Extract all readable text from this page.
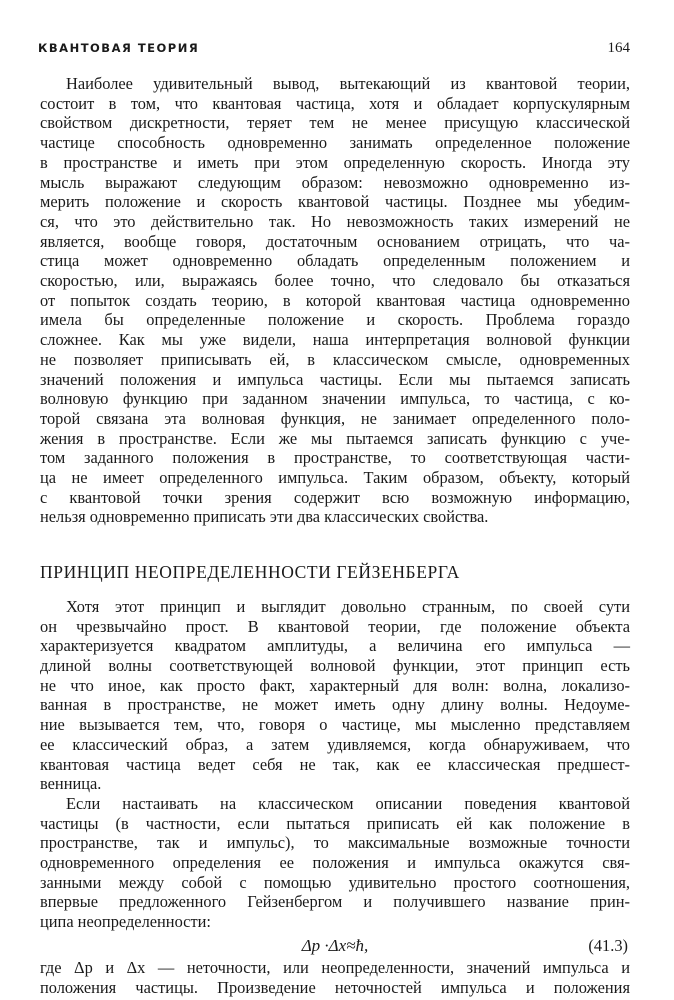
КВАНТОВАЯ ТЕОРИЯ	164

Наиболее удивительный вывод, вытекающий из квантовой теории,
состоит в том, что квантовая частица, хотя и обладает корпускулярным
свойством дискретности, теряет тем не менее присущую классической
частице способность одновременно занимать определенное положение
в пространстве и иметь при этом определенную скорость. Иногда эту
мысль выражают следующим образом: невозможно одновременно из-
мерить положение и скорость квантовой частицы. Позднее мы убедим-
ся, что это действительно так. Но невозможность таких измерений не
является, вообще говоря, достаточным основанием отрицать, что ча-
стица может одновременно обладать определенным положением и
скоростью, или, выражаясь более точно, что следовало бы отказаться
от попыток создать теорию, в которой квантовая частица одновременно
имела бы определенные положение и скорость. Проблема гораздо
сложнее. Как мы уже видели, наша интерпретация волновой функции
не позволяет приписывать ей, в классическом смысле, одновременных
значений положения и импульса частицы. Если мы пытаемся записать
волновую функцию при заданном значении импульса, то частица, с ко-
торой связана эта волновая функция, не занимает определенного поло-
жения в пространстве. Если же мы пытаемся записать функцию с уче-
том заданного положения в пространстве, то соответствующая части-
ца не имеет определенного импульса. Таким образом, объекту, который
с квантовой точки зрения содержит всю возможную информацию,
нельзя одновременно приписать эти два классических свойства.

ПРИНЦИП НЕОПРЕДЕЛЕННОСТИ ГЕЙЗЕНБЕРГА

Хотя этот принцип и выглядит довольно странным, по своей сути
он чрезвычайно прост. В квантовой теории, где положение объекта
характеризуется квадратом амплитуды, а величина его импульса —
длиной волны соответствующей волновой функции, этот принцип есть
не что иное, как просто факт, характерный для волн: волна, локализо-
ванная в пространстве, не может иметь одну длину волны. Недоуме-
ние вызывается тем, что, говоря о частице, мы мысленно представляем
ее классический образ, а затем удивляемся, когда обнаруживаем, что
квантовая частица ведет себя не так, как ее классическая предшест-
венница.

Если настаивать на классическом описании поведения квантовой
частицы (в частности, если пытаться приписать ей как положение в
пространстве, так и импульс), то максимальные возможные точности
одновременного определения ее положения и импульса окажутся свя-
занными между собой с помощью удивительно простого соотношения,
впервые предложенного Гейзенбергом и получившего название прин-
ципа неопределенности:

Δp ·Δx≈ħ,	(41.3)

где Δp и Δx — неточности, или неопределенности, значений импульса и
положения частицы. Произведение неточностей импульса и положения
